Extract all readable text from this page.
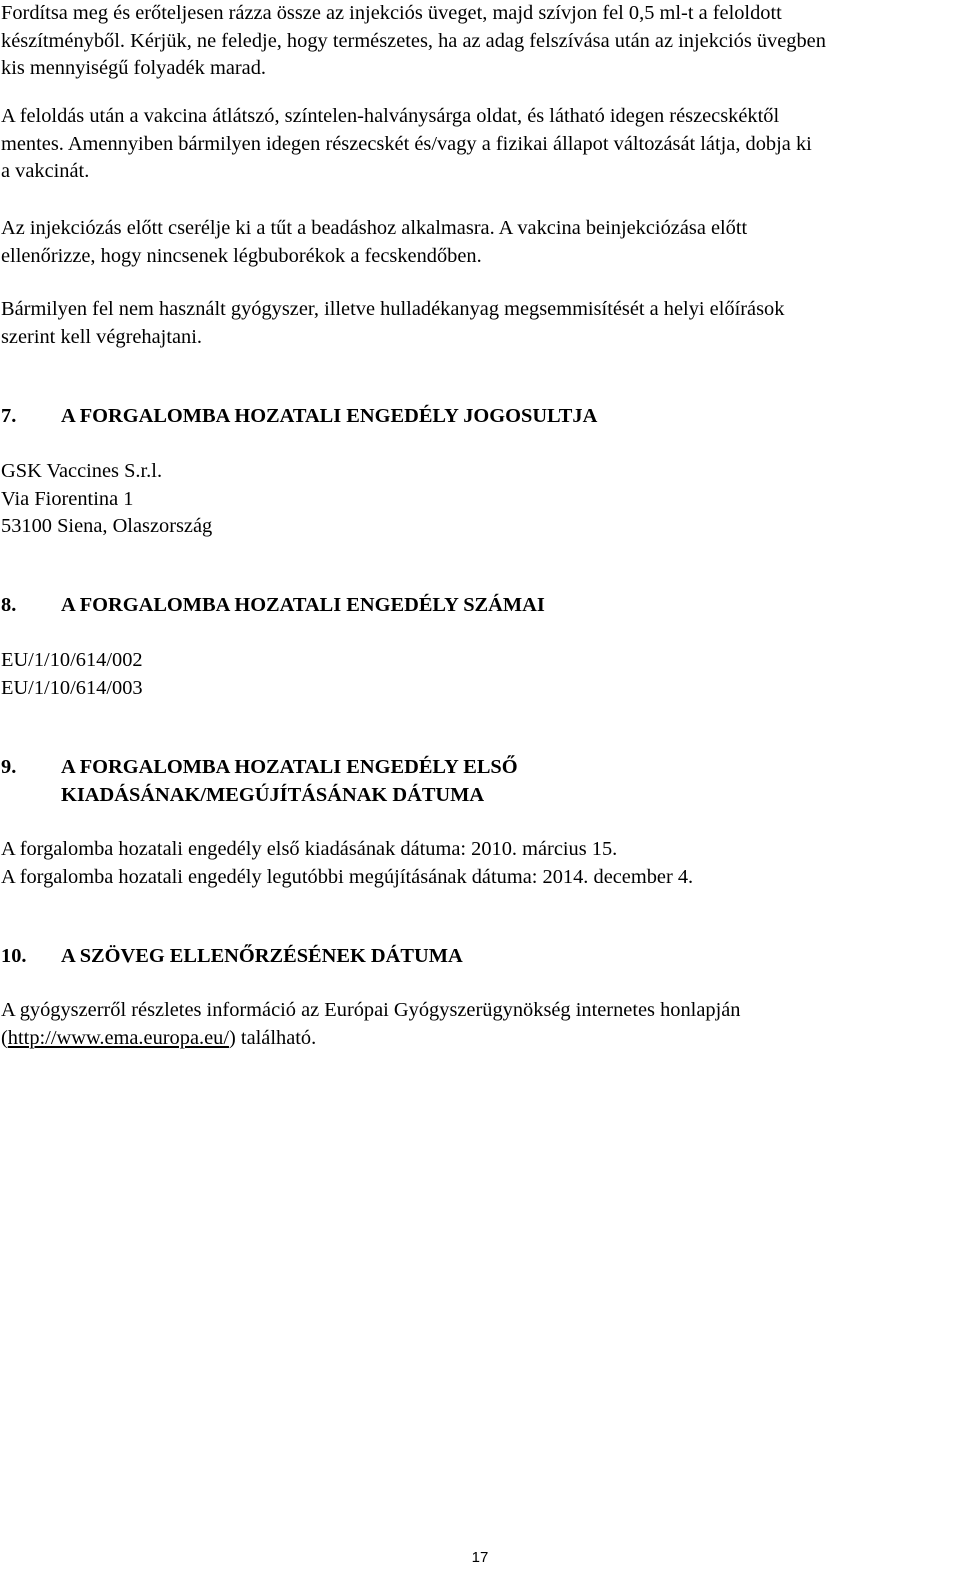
Fordítsa meg és erőteljesen rázza össze az injekciós üveget, majd szívjon fel 0,5 ml-t a feloldott
készítményből. Kérjük, ne feledje, hogy természetes, ha az adag felszívása után az injekciós üvegben
kis mennyiségű folyadék marad.
A feloldás után a vakcina átlátszó, színtelen-halványsárga oldat, és látható idegen részecskéktől
mentes. Amennyiben bármilyen idegen részecskét és/vagy a fizikai állapot változását látja, dobja ki
a vakcinát.
Az injekciózás előtt cserélje ki a tűt a beadáshoz alkalmasra. A vakcina beinjekciózása előtt
ellenőrizze, hogy nincsenek légbuborékok a fecskendőben.
Bármilyen fel nem használt gyógyszer, illetve hulladékanyag megsemmisítését a helyi előírások
szerint kell végrehajtani.
7. A FORGALOMBA HOZATALI ENGEDÉLY JOGOSULTJA
GSK Vaccines S.r.l.
Via Fiorentina 1
53100 Siena, Olaszország
8. A FORGALOMBA HOZATALI ENGEDÉLY SZÁMAI
EU/1/10/614/002
EU/1/10/614/003
9. A FORGALOMBA HOZATALI ENGEDÉLY ELSŐ
KIADÁSÁNAK/MEGÚJÍTÁSÁNAK DÁTUMA
A forgalomba hozatali engedély első kiadásának dátuma: 2010. március 15.
A forgalomba hozatali engedély legutóbbi megújításának dátuma: 2014. december 4.
10. A SZÖVEG ELLENŐRZÉSÉNEK DÁTUMA
A gyógyszerről részletes információ az Európai Gyógyszerügynökség internetes honlapján
(http://www.ema.europa.eu/) található.
17
